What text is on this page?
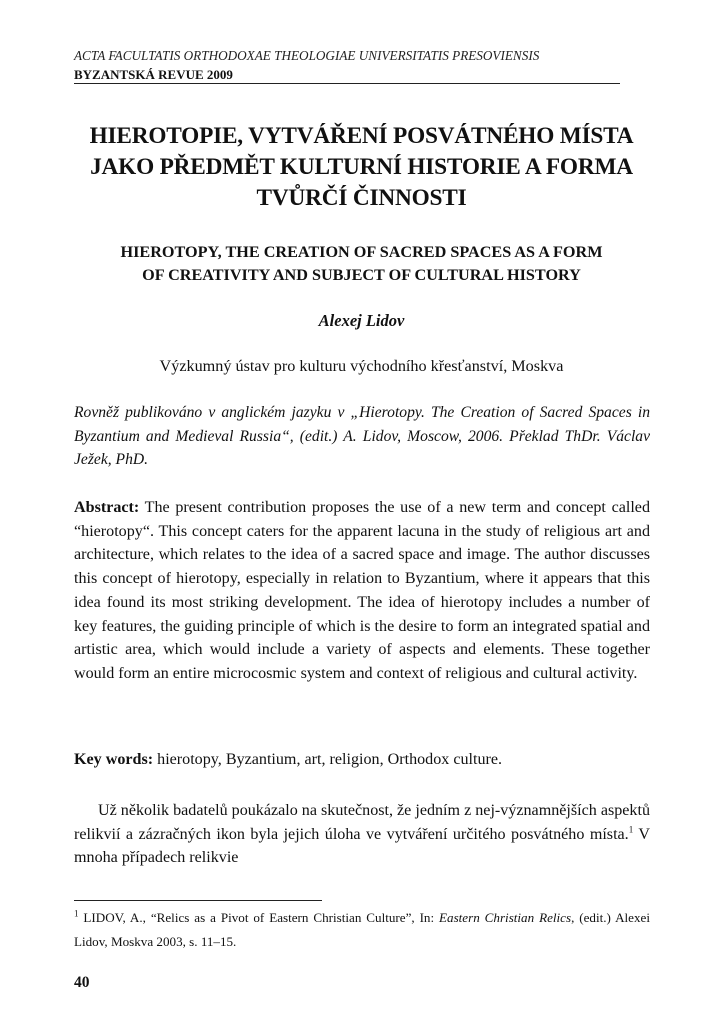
ACTA FACULTATIS ORTHODOXAE THEOLOGIAE UNIVERSITATIS PRESOVIENSIS
BYZANTSKÁ REVUE 2009
HIEROTOPIE, VYTVÁŘENÍ POSVÁTNÉHO MÍSTA
JAKO PŘEDMĚT KULTURNÍ HISTORIE A FORMA
TVŮRČÍ ČINNOSTI
HIEROTOPY, THE CREATION OF SACRED SPACES AS A FORM
OF CREATIVITY AND SUBJECT OF CULTURAL HISTORY
Alexej Lidov
Výzkumný ústav pro kulturu východního křesťanství, Moskva
Rovněž publikováno v anglickém jazyku v „Hierotopy. The Creation of Sacred Spaces in Byzantium and Medieval Russia“, (edit.) A. Lidov, Moscow, 2006. Překlad ThDr. Václav Ježek, PhD.
Abstract: The present contribution proposes the use of a new term and concept called “hierotopy“. This concept caters for the apparent lacuna in the study of religious art and architecture, which relates to the idea of a sacred space and image. The author discusses this concept of hierotopy, especially in relation to Byzantium, where it appears that this idea found its most striking development. The idea of hierotopy includes a number of key features, the guiding principle of which is the desire to form an integrated spatial and artistic area, which would include a variety of aspects and elements. These together would form an entire microcosmic system and context of religious and cultural activity.
Key words: hierotopy, Byzantium, art, religion, Orthodox culture.
Už několik badatelů poukázalo na skutečnost, že jedním z nej-významnějších aspektů relikvií a zázračných ikon byla jejich úloha ve vytváření určitého posvátného místa.$^1$ V mnoha případech relikvie
$^1$ LIDOV, A., “Relics as a Pivot of Eastern Christian Culture”, In: Eastern Christian Relics, (edit.) Alexei Lidov, Moskva 2003, s. 11–15.
40
